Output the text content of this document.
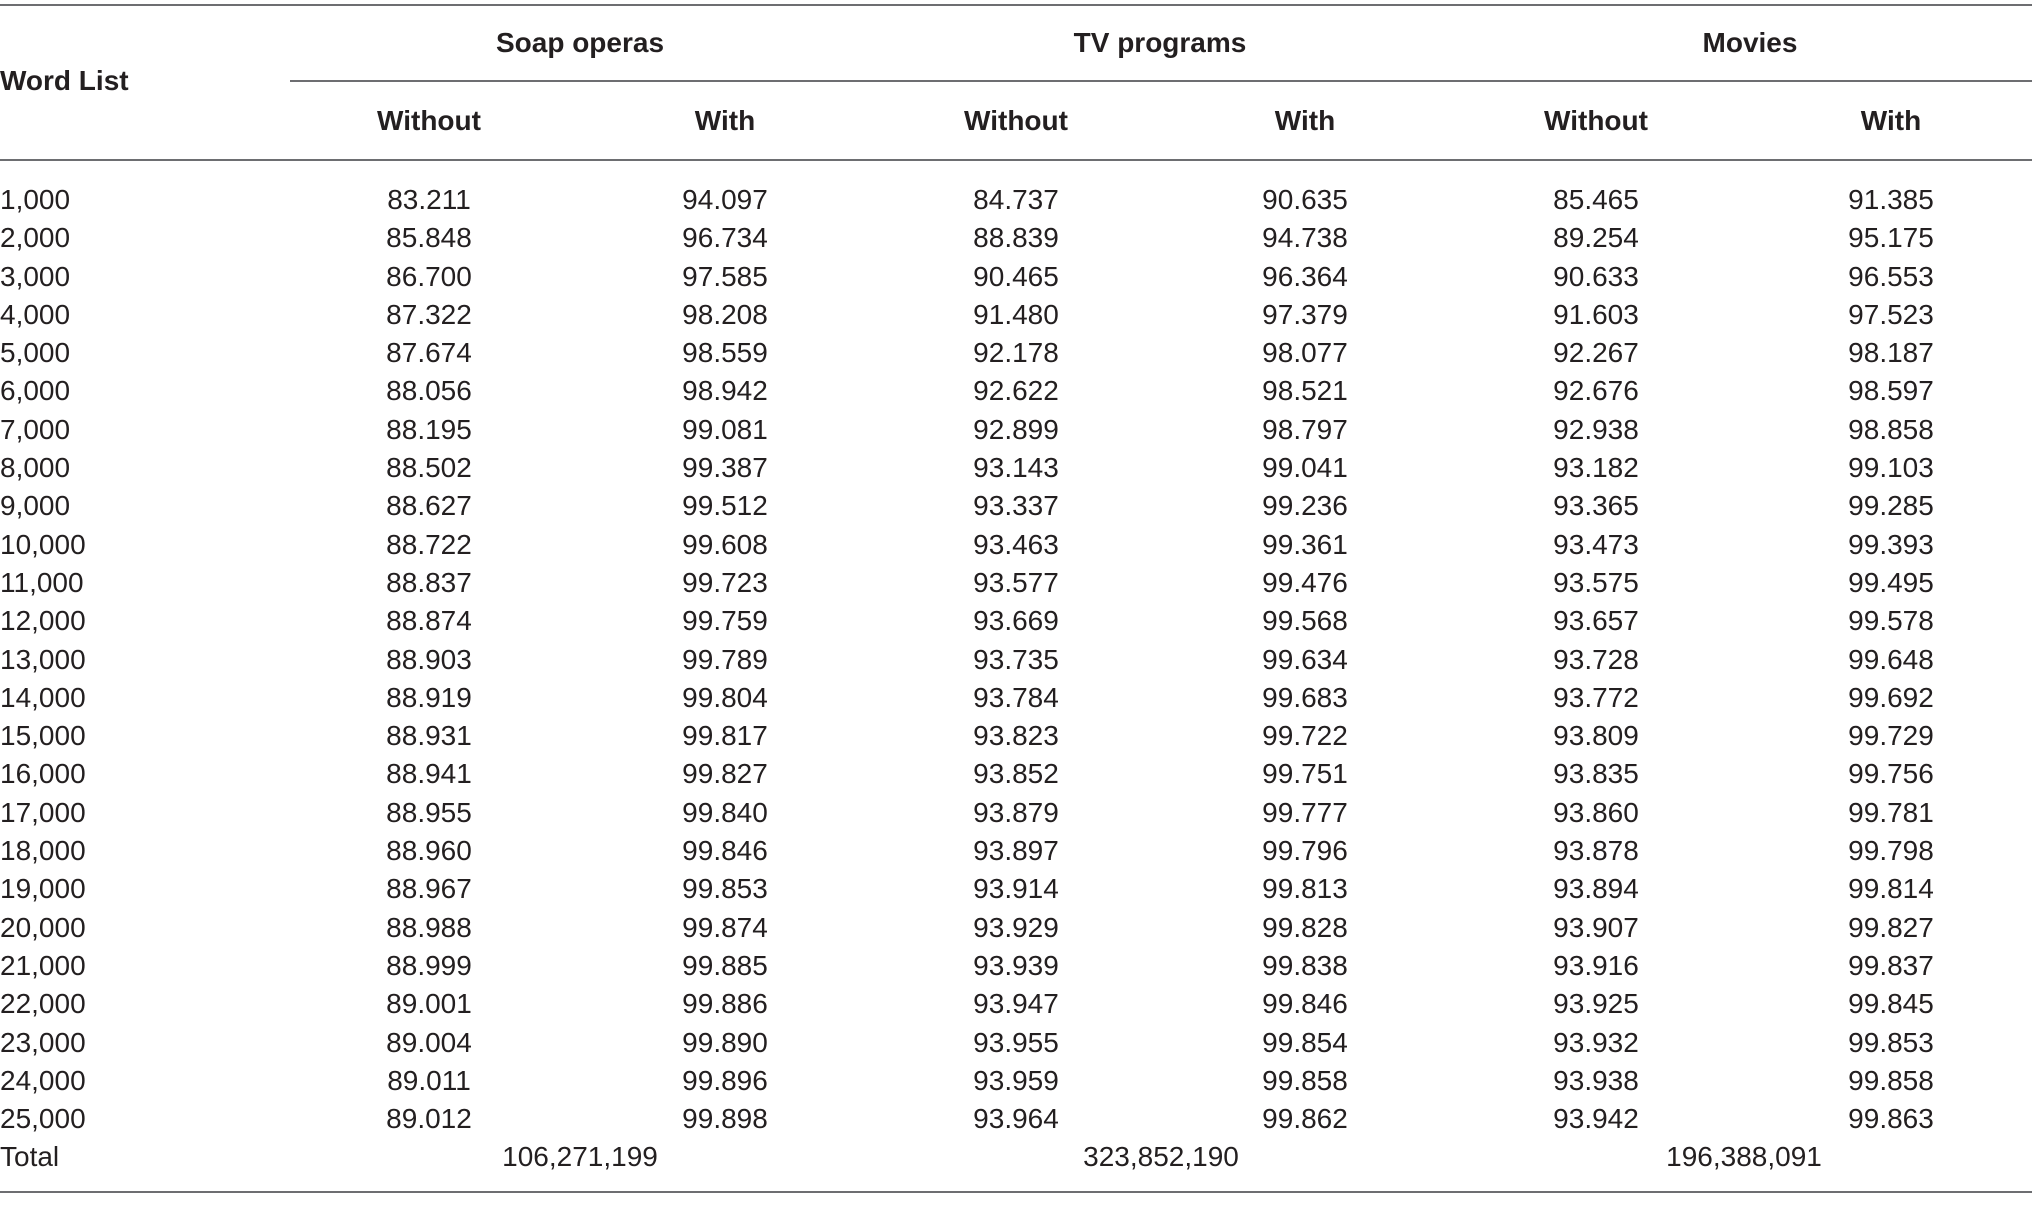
Word List
Soap operas	TV programs	Movies
Without	With	Without	With	Without	With
1,000	83.211	94.097	84.737	90.635	85.465	91.385
2,000	85.848	96.734	88.839	94.738	89.254	95.175
3,000	86.700	97.585	90.465	96.364	90.633	96.553
4,000	87.322	98.208	91.480	97.379	91.603	97.523
5,000	87.674	98.559	92.178	98.077	92.267	98.187
6,000	88.056	98.942	92.622	98.521	92.676	98.597
7,000	88.195	99.081	92.899	98.797	92.938	98.858
8,000	88.502	99.387	93.143	99.041	93.182	99.103
9,000	88.627	99.512	93.337	99.236	93.365	99.285
10,000	88.722	99.608	93.463	99.361	93.473	99.393
11,000	88.837	99.723	93.577	99.476	93.575	99.495
12,000	88.874	99.759	93.669	99.568	93.657	99.578
13,000	88.903	99.789	93.735	99.634	93.728	99.648
14,000	88.919	99.804	93.784	99.683	93.772	99.692
15,000	88.931	99.817	93.823	99.722	93.809	99.729
16,000	88.941	99.827	93.852	99.751	93.835	99.756
17,000	88.955	99.840	93.879	99.777	93.860	99.781
18,000	88.960	99.846	93.897	99.796	93.878	99.798
19,000	88.967	99.853	93.914	99.813	93.894	99.814
20,000	88.988	99.874	93.929	99.828	93.907	99.827
21,000	88.999	99.885	93.939	99.838	93.916	99.837
22,000	89.001	99.886	93.947	99.846	93.925	99.845
23,000	89.004	99.890	93.955	99.854	93.932	99.853
24,000	89.011	99.896	93.959	99.858	93.938	99.858
25,000	89.012	99.898	93.964	99.862	93.942	99.863
Total	106,271,199	323,852,190	196,388,091
